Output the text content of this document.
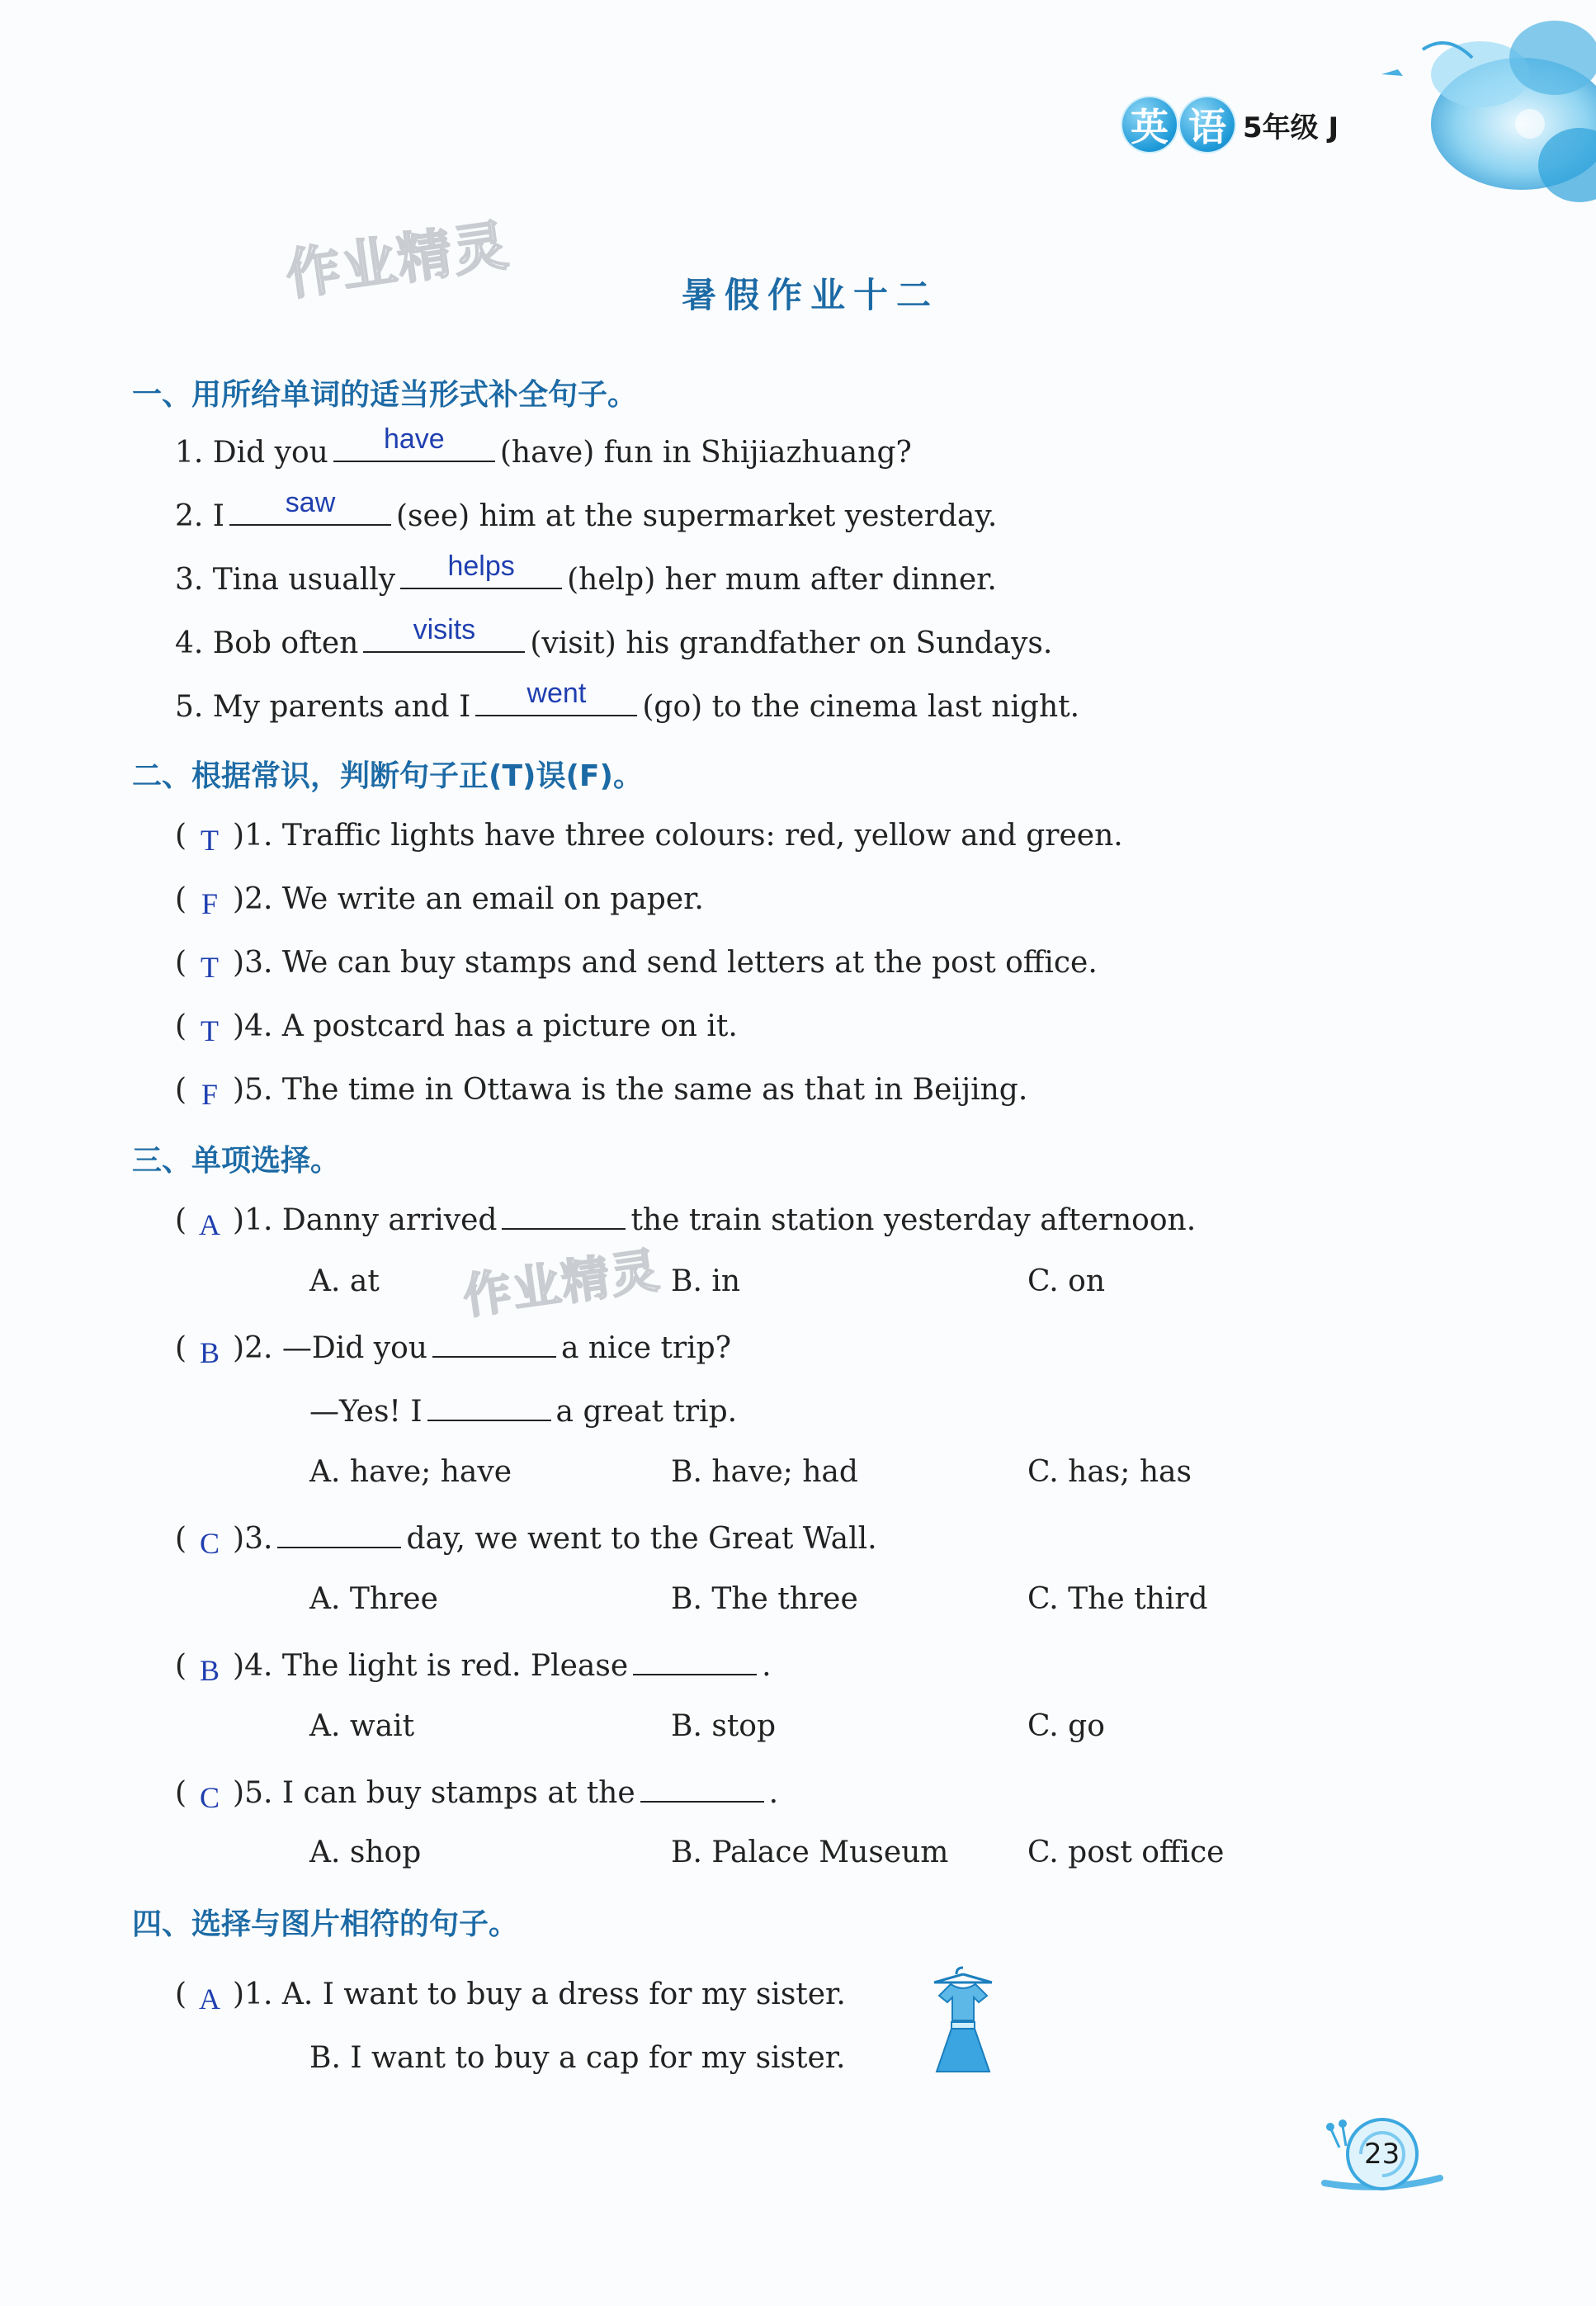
英 语 5年级 J
作业精灵
作业精灵
暑假作业十二
一、用所给单词的适当形式补全句子。
1. Did you	have	(have) fun in Shijiazhuang?
2. I	saw	(see) him at the supermarket yesterday.
3. Tina usually	helps	(help) her mum after dinner.
4. Bob often	visits	(visit) his grandfather on Sundays.
5. My parents and I	went	(go) to the cinema last night.
二、根据常识，判断句子正(T)误(F)。
( T )1. Traffic lights have three colours: red, yellow and green.
( F )2. We write an email on paper.
( T )3. We can buy stamps and send letters at the post office.
( T )4. A postcard has a picture on it.
( F )5. The time in Ottawa is the same as that in Beijing.
三、单项选择。
( A )1. Danny arrived	the train station yesterday afternoon.
A. at	B. in	C. on
( B )2. —Did you	a nice trip?
—Yes! I	a great trip.
A. have; have	B. have; had	C. has; has
( C )3.	day, we went to the Great Wall.
A. Three	B. The three	C. The third
( B )4. The light is red. Please	.
A. wait	B. stop	C. go
( C )5. I can buy stamps at the	.
A. shop	B. Palace Museum	C. post office
四、选择与图片相符的句子。
( A )1. A. I want to buy a dress for my sister.
B. I want to buy a cap for my sister.
23
